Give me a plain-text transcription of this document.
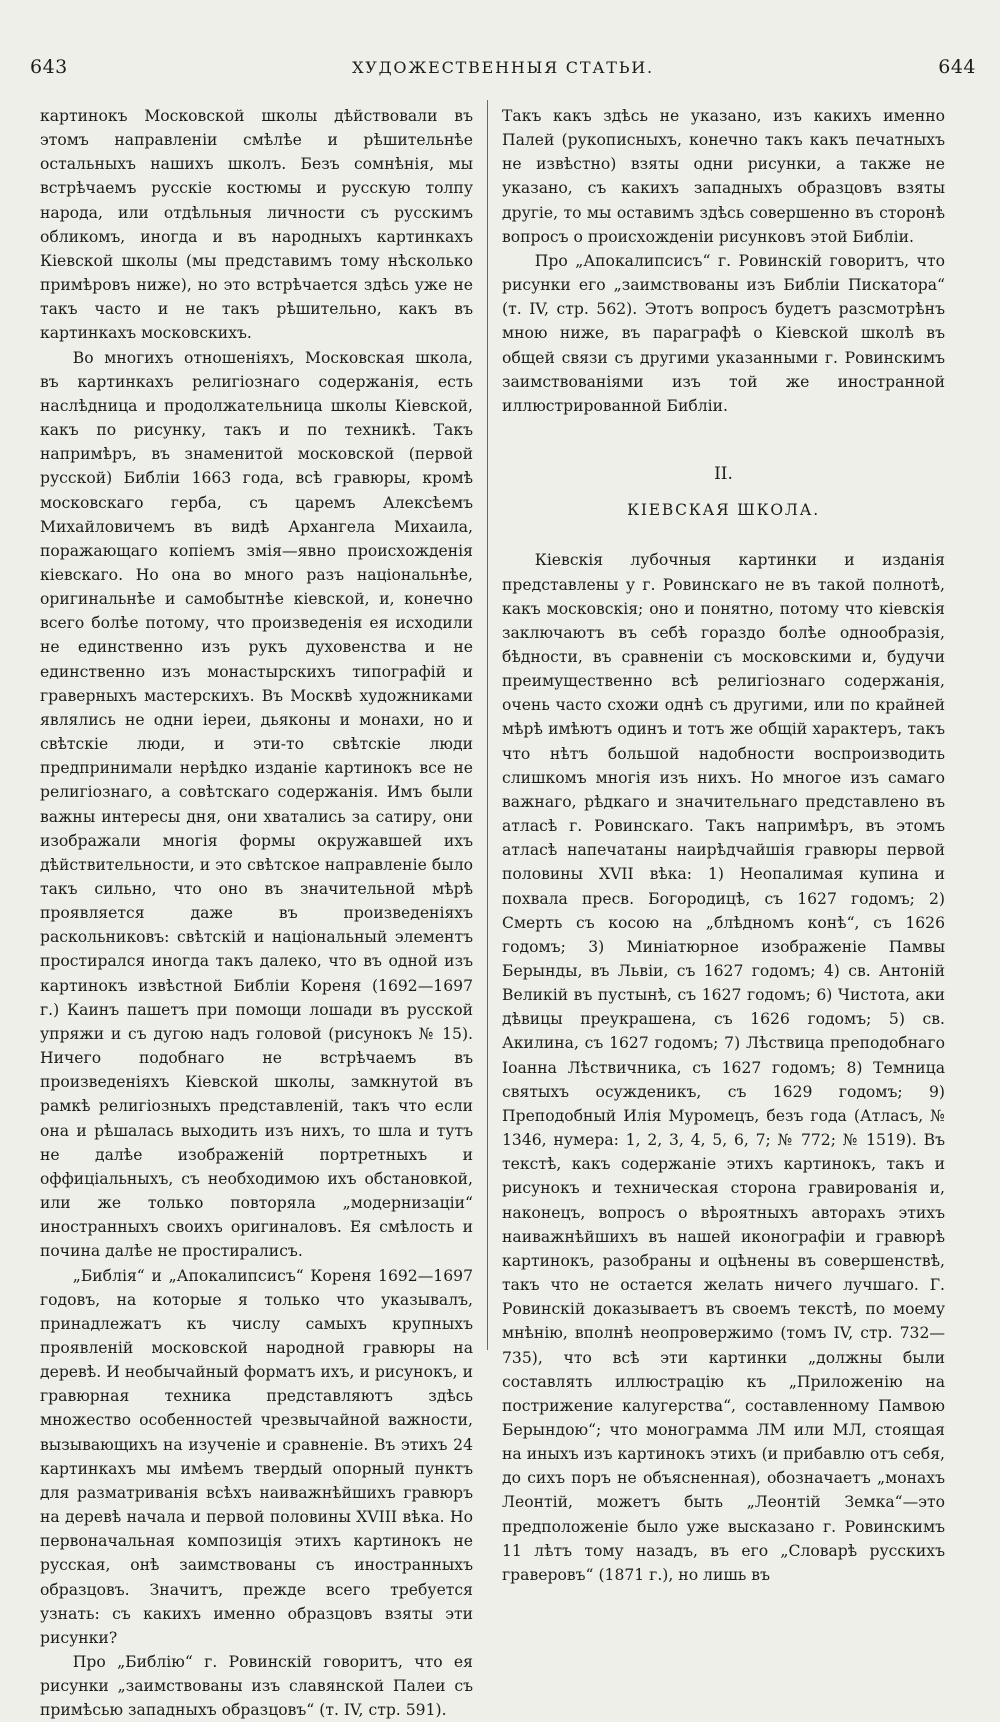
643	ХУДОЖЕСТВЕННЫЯ СТАТЬИ.	644

картинокъ Московской школы дѣйствовали въ этомъ направленіи смѣлѣе и рѣшительнѣе остальныхъ нашихъ школъ. Безъ сомнѣнія, мы встрѣчаемъ русскіе костюмы и русскую толпу народа, или отдѣльныя личности съ русскимъ обликомъ, иногда и въ народныхъ картинкахъ Кіевской школы (мы представимъ тому нѣсколько примѣровъ ниже), но это встрѣчается здѣсь уже не такъ часто и не такъ рѣшительно, какъ въ картинкахъ московскихъ.

Во многихъ отношеніяхъ, Московская школа, въ картинкахъ религіознаго содержанія, есть наслѣдница и продолжательница школы Кіевской, какъ по рисунку, такъ и по техникѣ. Такъ напримѣръ, въ знаменитой московской (первой русской) Библіи 1663 года, всѣ гравюры, кромѣ московскаго герба, съ царемъ Алексѣемъ Михайловичемъ въ видѣ Архангела Михаила, поражающаго копіемъ змія—явно происхожденія кіевскаго. Но она во много разъ національнѣе, оригинальнѣе и самобытнѣе кіевской, и, конечно всего болѣе потому, что произведенія ея исходили не единственно изъ рукъ духовенства и не единственно изъ монастырскихъ типографій и граверныхъ мастерскихъ. Въ Москвѣ художниками являлись не одни іереи, дьяконы и монахи, но и свѣтскіе люди, и эти-то свѣтскіе люди предпринимали нерѣдко изданіе картинокъ все не религіознаго, а совѣтскаго содержанія. Имъ были важны интересы дня, они хватались за сатиру, они изображали многія формы окружавшей ихъ дѣйствительности, и это свѣтское направленіе было такъ сильно, что оно въ значительной мѣрѣ проявляется даже въ произведеніяхъ раскольниковъ: свѣтскій и національный элементъ простирался иногда такъ далеко, что въ одной изъ картинокъ извѣстной Библіи Кореня (1692—1697 г.) Каинъ пашетъ при помощи лошади въ русской упряжи и съ дугою надъ головой (рисунокъ № 15). Ничего подобнаго не встрѣчаемъ въ произведеніяхъ Кіевской школы, замкнутой въ рамкѣ религіозныхъ представленій, такъ что если она и рѣшалась выходить изъ нихъ, то шла и тутъ не далѣе изображеній портретныхъ и оффиціальныхъ, съ необходимою ихъ обстановкой, или же только повторяла „модернизаціи“ иностранныхъ своихъ оригиналовъ. Ея смѣлость и почина далѣе не простиралисъ.

„Библія“ и „Апокалипсисъ“ Кореня 1692—1697 годовъ, на которые я только что указывалъ, принадлежатъ къ числу самыхъ крупныхъ проявленій московской народной гравюры на деревѣ. И необычайный форматъ ихъ, и рисунокъ, и гравюрная техника представляютъ здѣсь множество особенностей чрезвычайной важности, вызывающихъ на изученіе и сравненіе. Въ этихъ 24 картинкахъ мы имѣемъ твердый опорный пунктъ для разматриванія всѣхъ наиважнѣйшихъ гравюръ на деревѣ начала и первой половины XVIII вѣка. Но первоначальная композиція этихъ картинокъ не русская, онѣ заимствованы съ иностранныхъ образцовъ. Значитъ, прежде всего требуется узнать: съ какихъ именно образцовъ взяты эти рисунки?

Про „Библію“ г. Ровинскій говоритъ, что ея рисунки „заимствованы изъ славянской Палеи съ примѣсью западныхъ образцовъ“ (т. IV, стр. 591).

Такъ какъ здѣсь не указано, изъ какихъ именно Палей (рукописныхъ, конечно такъ какъ печатныхъ не извѣстно) взяты одни рисунки, а также не указано, съ какихъ западныхъ образцовъ взяты другіе, то мы оставимъ здѣсь совершенно въ сторонѣ вопросъ о происхожденіи рисунковъ этой Библіи.

Про „Апокалипсисъ“ г. Ровинскій говоритъ, что рисунки его „заимствованы изъ Библіи Пискатора“ (т. IV, стр. 562). Этотъ вопросъ будетъ разсмотрѣнъ мною ниже, въ параграфѣ о Кіевской школѣ въ общей связи съ другими указанными г. Ровинскимъ заимствованіями изъ той же иностранной иллюстрированной Библіи.

II.
КІЕВСКАЯ ШКОЛА.

Кіевскія лубочныя картинки и изданія представлены у г. Ровинскаго не въ такой полнотѣ, какъ московскія; оно и понятно, потому что кіевскія заключаютъ въ себѣ гораздо болѣе однообразія, бѣдности, въ сравненіи съ московскими и, будучи преимущественно всѣ религіознаго содержанія, очень часто схожи однѣ съ другими, или по крайней мѣрѣ имѣютъ одинъ и тотъ же общій характеръ, такъ что нѣтъ большой надобности воспроизводить слишкомъ многія изъ нихъ. Но многое изъ самаго важнаго, рѣдкаго и значительнаго представлено въ атласѣ г. Ровинскаго. Такъ напримѣръ, въ этомъ атласѣ напечатаны наирѣдчайшія гравюры первой половины XVII вѣка: 1) Неопалимая купина и похвала пресв. Богородицѣ, съ 1627 годомъ; 2) Смерть съ косою на „блѣдномъ конѣ“, съ 1626 годомъ; 3) Миніатюрное изображеніе Памвы Берынды, въ Львіи, съ 1627 годомъ; 4) св. Антоній Великій въ пустынѣ, съ 1627 годомъ; 6) Чистота, аки дѣвицы преукрашена, съ 1626 годомъ; 5) св. Акилина, съ 1627 годомъ; 7) Лѣствица преподобнаго Іоанна Лѣствичника, съ 1627 годомъ; 8) Темница святыхъ осужденикъ, съ 1629 годомъ; 9) Преподобный Илія Муромецъ, безъ года (Атласъ, № 1346, нумера: 1, 2, 3, 4, 5, 6, 7; № 772; № 1519). Въ текстѣ, какъ содержаніе этихъ картинокъ, такъ и рисунокъ и техническая сторона гравированія и, наконецъ, вопросъ о вѣроятныхъ авторахъ этихъ наиважнѣйшихъ въ нашей иконографіи и гравюрѣ картинокъ, разобраны и оцѣнены въ совершенствѣ, такъ что не остается желать ничего лучшаго. Г. Ровинскій доказываетъ въ своемъ текстѣ, по моему мнѣнію, вполнѣ неопровержимо (томъ IV, стр. 732—735), что всѣ эти картинки „должны были составлять иллюстрацію къ „Приложенію на пострижение калугерства“, составленному Памвою Берындою“; что монограмма ЛМ или МЛ, стоящая на иныхъ изъ картинокъ этихъ (и прибавлю отъ себя, до сихъ поръ не объясненная), обозначаетъ „монахъ Леонтій, можетъ быть „Леонтій Земка“—это предположеніе было уже высказано г. Ровинскимъ 11 лѣтъ тому назадъ, въ его „Словарѣ русскихъ граверовъ“ (1871 г.), но лишь въ
